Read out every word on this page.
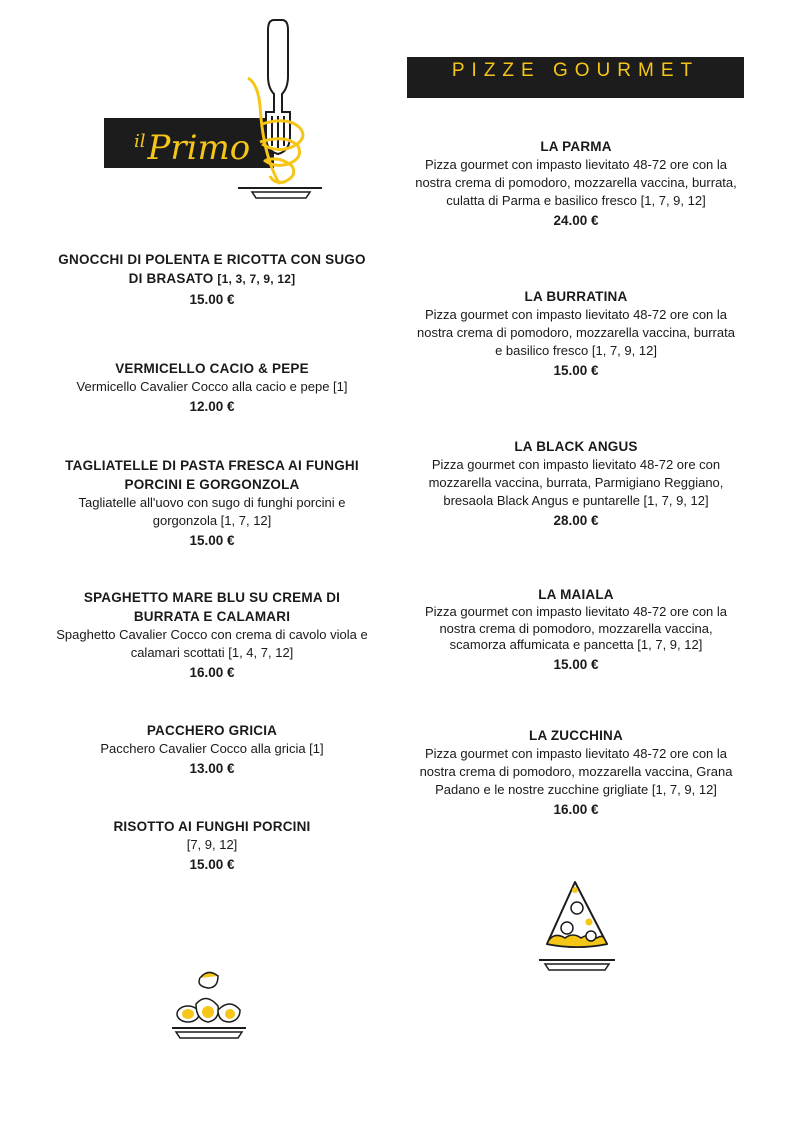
$^{il}$Primo
PIZZE GOURMET
GNOCCHI DI POLENTA E RICOTTA CON SUGO DI BRASATO [1, 3, 7, 9, 12]
15.00 €
VERMICELLO CACIO & PEPE
Vermicello Cavalier Cocco alla cacio e pepe [1]
12.00 €
TAGLIATELLE DI PASTA FRESCA AI FUNGHI PORCINI E GORGONZOLA
Tagliatelle all'uovo con sugo di funghi porcini e gorgonzola [1, 7, 12]
15.00 €
SPAGHETTO MARE BLU SU CREMA DI BURRATA E CALAMARI
Spaghetto Cavalier Cocco con crema di cavolo viola e calamari scottati [1, 4, 7, 12]
16.00 €
PACCHERO GRICIA
Pacchero Cavalier Cocco alla gricia [1]
13.00 €
RISOTTO AI FUNGHI PORCINI
[7, 9, 12]
15.00 €
LA PARMA
Pizza gourmet con impasto lievitato 48-72 ore con la nostra crema di pomodoro, mozzarella vaccina, burrata, culatta di Parma e basilico fresco [1, 7, 9, 12]
24.00 €
LA BURRATINA
Pizza gourmet con impasto lievitato 48-72 ore con la nostra crema di pomodoro, mozzarella vaccina, burrata e basilico fresco [1, 7, 9, 12]
15.00 €
LA BLACK ANGUS
Pizza gourmet con impasto lievitato 48-72 ore con mozzarella vaccina, burrata, Parmigiano Reggiano, bresaola Black Angus e puntarelle [1, 7, 9, 12]
28.00 €
LA MAIALA
Pizza gourmet con impasto lievitato 48-72 ore con la nostra crema di pomodoro, mozzarella vaccina, scamorza affumicata e pancetta [1, 7, 9, 12]
15.00 €
LA ZUCCHINA
Pizza gourmet con impasto lievitato 48-72 ore con la nostra crema di pomodoro, mozzarella vaccina, Grana Padano e le nostre zucchine grigliate [1, 7, 9, 12]
16.00 €
